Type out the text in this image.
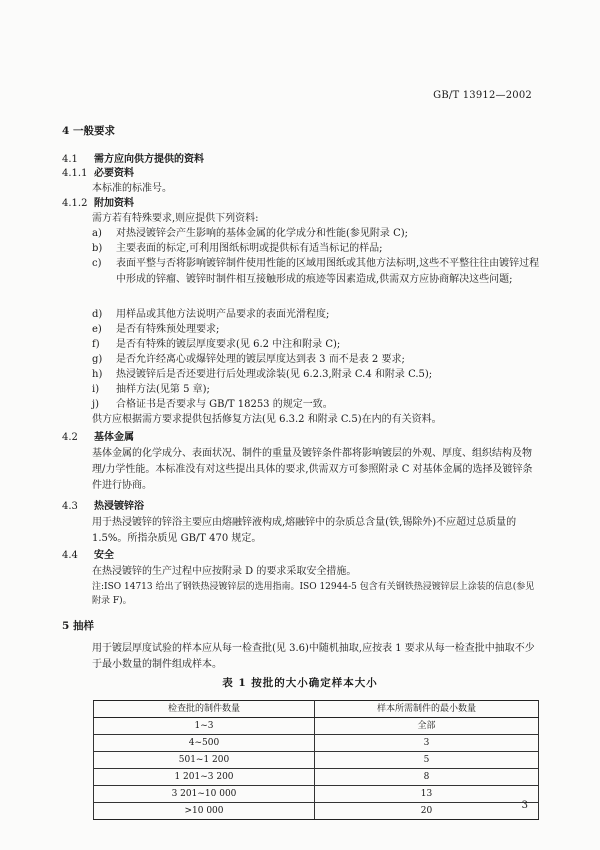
GB/T 13912—2002
4 一般要求
4.1 需方应向供方提供的资料
4.1.1 必要资料
本标准的标准号。
4.1.2 附加资料
需方若有特殊要求,则应提供下列资料:
a)	对热浸镀锌会产生影响的基体金属的化学成分和性能(参见附录 C);
b)	主要表面的标定,可利用图纸标明或提供标有适当标记的样品;
c)	表面平整与否将影响镀锌制件使用性能的区域用图纸或其他方法标明,这些不平整往往由镀锌过程中形成的锌瘤、镀锌时制件相互接触形成的痕迹等因素造成,供需双方应协商解决这些问题;
d)	用样品或其他方法说明产品要求的表面光滑程度;
e)	是否有特殊预处理要求;
f)	是否有特殊的镀层厚度要求(见 6.2 中注和附录 C);
g)	是否允许经离心或爆锌处理的镀层厚度达到表 3 而不是表 2 要求;
h)	热浸镀锌后是否还要进行后处理或涂装(见 6.2.3,附录 C.4 和附录 C.5);
i)	抽样方法(见第 5 章);
j)	合格证书是否要求与 GB/T 18253 的规定一致。
供方应根据需方要求提供包括修复方法(见 6.3.2 和附录 C.5)在内的有关资料。
4.2 基体金属
基体金属的化学成分、表面状况、制件的重量及镀锌条件都将影响镀层的外观、厚度、组织结构及物理/力学性能。本标准没有对这些提出具体的要求,供需双方可参照附录 C 对基体金属的选择及镀锌条件进行协商。
4.3 热浸镀锌浴
用于热浸镀锌的锌浴主要应由熔融锌液构成,熔融锌中的杂质总含量(铁,锡除外)不应超过总质量的 1.5%。所指杂质见 GB/T 470 规定。
4.4 安全
在热浸镀锌的生产过程中应按附录 D 的要求采取安全措施。
注:ISO 14713 给出了钢铁热浸镀锌层的选用指南。ISO 12944-5 包含有关钢铁热浸镀锌层上涂装的信息(参见附录 F)。
5 抽样
用于镀层厚度试验的样本应从每一检查批(见 3.6)中随机抽取,应按表 1 要求从每一检查批中抽取不少于最小数量的制件组成样本。
表 1 按批的大小确定样本大小
检查批的制件数量	样本所需制件的最小数量
1~3	全部
4~500	3
501~1 200	5
1 201~3 200	8
3 201~10 000	13
>10 000	20	3
